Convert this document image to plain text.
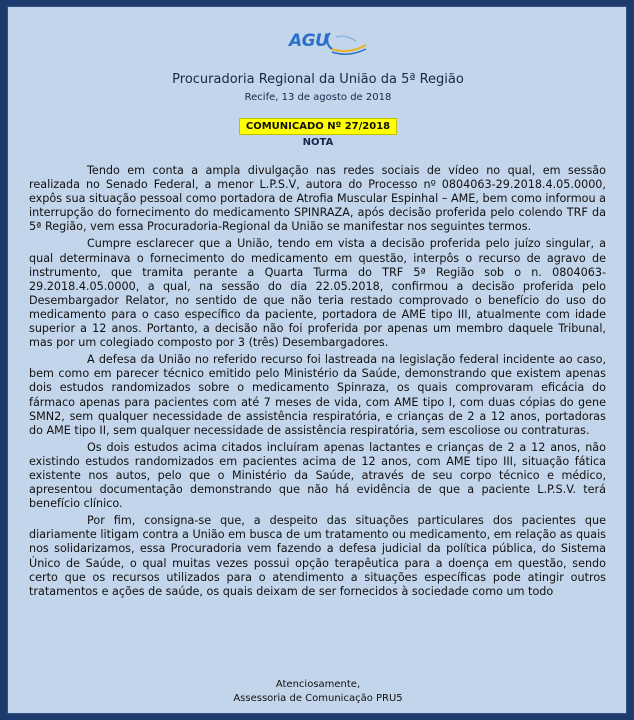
AGU
Procuradoria Regional da União da 5ª Região
Recife, 13 de agosto de 2018
COMUNICADO Nº 27/2018
NOTA

Tendo em conta a ampla divulgação nas redes sociais de vídeo no qual, em sessão realizada no Senado Federal, a menor L.P.S.V, autora do Processo nº 0804063-29.2018.4.05.0000, expôs sua situação pessoal como portadora de Atrofia Muscular Espinhal – AME, bem como informou a interrupção do fornecimento do medicamento SPINRAZA, após decisão proferida pelo colendo TRF da 5ª Região, vem essa Procuradoria-Regional da União se manifestar nos seguintes termos.

Cumpre esclarecer que a União, tendo em vista a decisão proferida pelo juízo singular, a qual determinava o fornecimento do medicamento em questão, interpôs o recurso de agravo de instrumento, que tramita perante a Quarta Turma do TRF 5ª Região sob o n. 0804063-29.2018.4.05.0000, a qual, na sessão do dia 22.05.2018, confirmou a decisão proferida pelo Desembargador Relator, no sentido de que não teria restado comprovado o benefício do uso do medicamento para o caso específico da paciente, portadora de AME tipo III, atualmente com idade superior a 12 anos. Portanto, a decisão não foi proferida por apenas um membro daquele Tribunal, mas por um colegiado composto por 3 (três) Desembargadores.

A defesa da União no referido recurso foi lastreada na legislação federal incidente ao caso, bem como em parecer técnico emitido pelo Ministério da Saúde, demonstrando que existem apenas dois estudos randomizados sobre o medicamento Spinraza, os quais comprovaram eficácia do fármaco apenas para pacientes com até 7 meses de vida, com AME tipo I, com duas cópias do gene SMN2, sem qualquer necessidade de assistência respiratória, e crianças de 2 a 12 anos, portadoras do AME tipo II, sem qualquer necessidade de assistência respiratória, sem escoliose ou contraturas.

Os dois estudos acima citados incluíram apenas lactantes e crianças de 2 a 12 anos, não existindo estudos randomizados em pacientes acima de 12 anos, com AME tipo III, situação fática existente nos autos, pelo que o Ministério da Saúde, através de seu corpo técnico e médico, apresentou documentação demonstrando que não há evidência de que a paciente L.P.S.V. terá benefício clínico.

Por fim, consigna-se que, a despeito das situações particulares dos pacientes que diariamente litigam contra a União em busca de um tratamento ou medicamento, em relação as quais nos solidarizamos, essa Procuradoria vem fazendo a defesa judicial da política pública, do Sistema Único de Saúde, o qual muitas vezes possui opção terapêutica para a doença em questão, sendo certo que os recursos utilizados para o atendimento a situações específicas pode atingir outros tratamentos e ações de saúde, os quais deixam de ser fornecidos à sociedade como um todo

Atenciosamente,
Assessoria de Comunicação PRU5
